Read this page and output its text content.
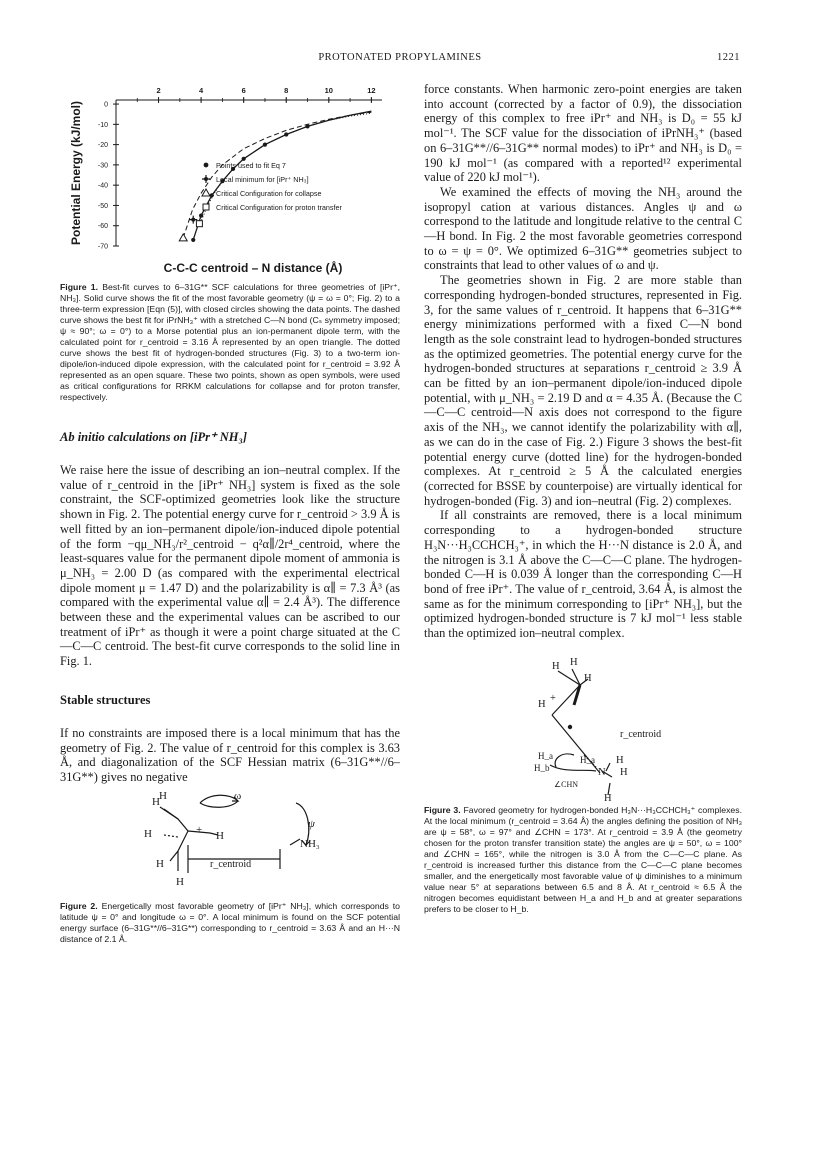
PROTONATED PROPYLAMINES	1221
2	4	6	8	10	12
0
-10
-20
-30
-40
-50
-60
-70
Potential Energy (kJ/mol)
C-C-C centroid – N distance (Å)
Points used to fit Eq 7
Local minimum for [iPr⁺ NH₃]
Critical Configuration for collapse
Critical Configuration for proton transfer
Figure 1. Best-fit curves to 6–31G** SCF calculations for three geometries of [iPr⁺, NH₃]. Solid curve shows the fit of the most favorable geometry (ψ = ω = 0°; Fig. 2) to a three-term expression [Eqn (5)], with closed circles showing the data points. The dashed curve shows the best fit for iPrNH₃⁺ with a stretched C—N bond (Cₛ symmetry imposed; ψ ≈ 90°; ω = 0°) to a Morse potential plus an ion-permanent dipole term, with the calculated point for r_centroid = 3.16 Å represented by an open triangle. The dotted curve shows the best fit of hydrogen-bonded structures (Fig. 3) to a two-term ion-dipole/ion-induced dipole expression, with the calculated point for r_centroid = 3.92 Å represented as an open square. These two points, shown as open symbols, were used as critical configurations for RRKM calculations for collapse and for proton transfer, respectively.
Ab initio calculations on [iPr⁺ NH₃]

We raise here the issue of describing an ion–neutral complex. If the value of r_centroid in the [iPr⁺ NH₃] system is fixed as the sole constraint, the SCF-optimized geometries look like the structure shown in Fig. 2. The potential energy curve for r_centroid > 3.9 Å is well fitted by an ion–permanent dipole/ion-induced dipole potential of the form −qμ_NH₃/r²_centroid − q²α∥/2r⁴_centroid, where the least-squares value for the permanent dipole moment of ammonia is μ_NH₃ = 2.00 D (as compared with the experimental electrical dipole moment μ = 1.47 D) and the polarizability is α∥ = 7.3 Å³ (as compared with the experimental value α∥ = 2.4 Å³). The difference between these and the experimental values can be ascribed to our treatment of iPr⁺ as though it were a point charge situated at the C—C—C centroid. The best-fit curve corresponds to the solid line in Fig. 1.

Stable structures

If no constraints are imposed there is a local minimum that has the geometry of Fig. 2. The value of r_centroid for this complex is 3.63 Å, and diagonalization of the SCF Hessian matrix (6–31G**//6–31G**) gives no negative

H H	ω
ψ
H	+ H
NH₃
H	r_centroid
H
Figure 2. Energetically most favorable geometry of [iPr⁺ NH₃], which corresponds to latitude ψ = 0° and longitude ω = 0°. A local minimum is found on the SCF potential energy surface (6–31G**//6–31G**) corresponding to r_centroid = 3.63 Å and an H···N distance of 2.1 Å.

force constants. When harmonic zero-point energies are taken into account (corrected by a factor of 0.9), the dissociation energy of this complex to free iPr⁺ and NH₃ is D₀ = 55 kJ mol⁻¹. The SCF value for the dissociation of iPrNH₃⁺ (based on 6–31G**//6–31G** normal modes) to iPr⁺ and NH₃ is D₀ = 190 kJ mol⁻¹ (as compared with a reported¹² experimental value of 220 kJ mol⁻¹).

We examined the effects of moving the NH₃ around the isopropyl cation at various distances. Angles ψ and ω correspond to the latitude and longitude relative to the central C—H bond. In Fig. 2 the most favorable geometries correspond to ω = ψ = 0°. We optimized 6–31G** geometries subject to constraints that lead to other values of ω and ψ.

The geometries shown in Fig. 2 are more stable than corresponding hydrogen-bonded structures, represented in Fig. 3, for the same values of r_centroid. It happens that 6–31G** energy minimizations performed with a fixed C—N bond length as the sole constraint lead to hydrogen-bonded structures as the optimized geometries. The potential energy curve for the hydrogen-bonded structures at separations r_centroid ≥ 3.9 Å can be fitted by an ion–permanent dipole/ion-induced dipole potential, with μ_NH₃ = 2.19 D and α = 4.35 Å. (Because the C—C—C centroid—N axis does not correspond to the figure axis of the NH₃, we cannot identify the polarizability with α∥, as we can do in the case of Fig. 2.) Figure 3 shows the best-fit potential energy curve (dotted line) for the hydrogen-bonded complexes. At r_centroid ≥ 5 Å the calculated energies (corrected for BSSE by counterpoise) are virtually identical for hydrogen-bonded (Fig. 3) and ion–neutral (Fig. 2) complexes.

If all constraints are removed, there is a local minimum corresponding to a hydrogen-bonded structure H₃N···H₃CCHCH₃⁺, in which the H···N distance is 2.0 Å, and the nitrogen is 3.1 Å above the C—C—C plane. The hydrogen-bonded C—H is 0.039 Å longer than the corresponding C—H bond of free iPr⁺. The value of r_centroid, 3.64 Å, is almost the same as for the minimum corresponding to [iPr⁺ NH₃], but the optimized hydrogen-bonded structure is 7 kJ mol⁻¹ less stable than the optimized ion–neutral complex.

H H
H
H
+
r_centroid
H_a	H_a H
H_b	N H
∠CHN
H
Figure 3. Favored geometry for hydrogen-bonded H₃N···H₃CCHCH₃⁺ complexes. At the local minimum (r_centroid = 3.64 Å) the angles defining the position of NH₃ are ψ = 58°, ω = 97° and ∠CHN = 173°. At r_centroid = 3.9 Å (the geometry chosen for the proton transfer transition state) the angles are ψ = 50°, ω = 100° and ∠CHN = 165°, while the nitrogen is 3.0 Å from the C—C—C plane. As r_centroid is increased further this distance from the C—C—C plane becomes smaller, and the energetically most favorable value of ψ diminishes to a minimum value near 5° at separations between 6.5 and 8 Å. At r_centroid ≈ 6.5 Å the nitrogen becomes equidistant between H_a and H_b and at greater separations prefers to be closer to H_b.
